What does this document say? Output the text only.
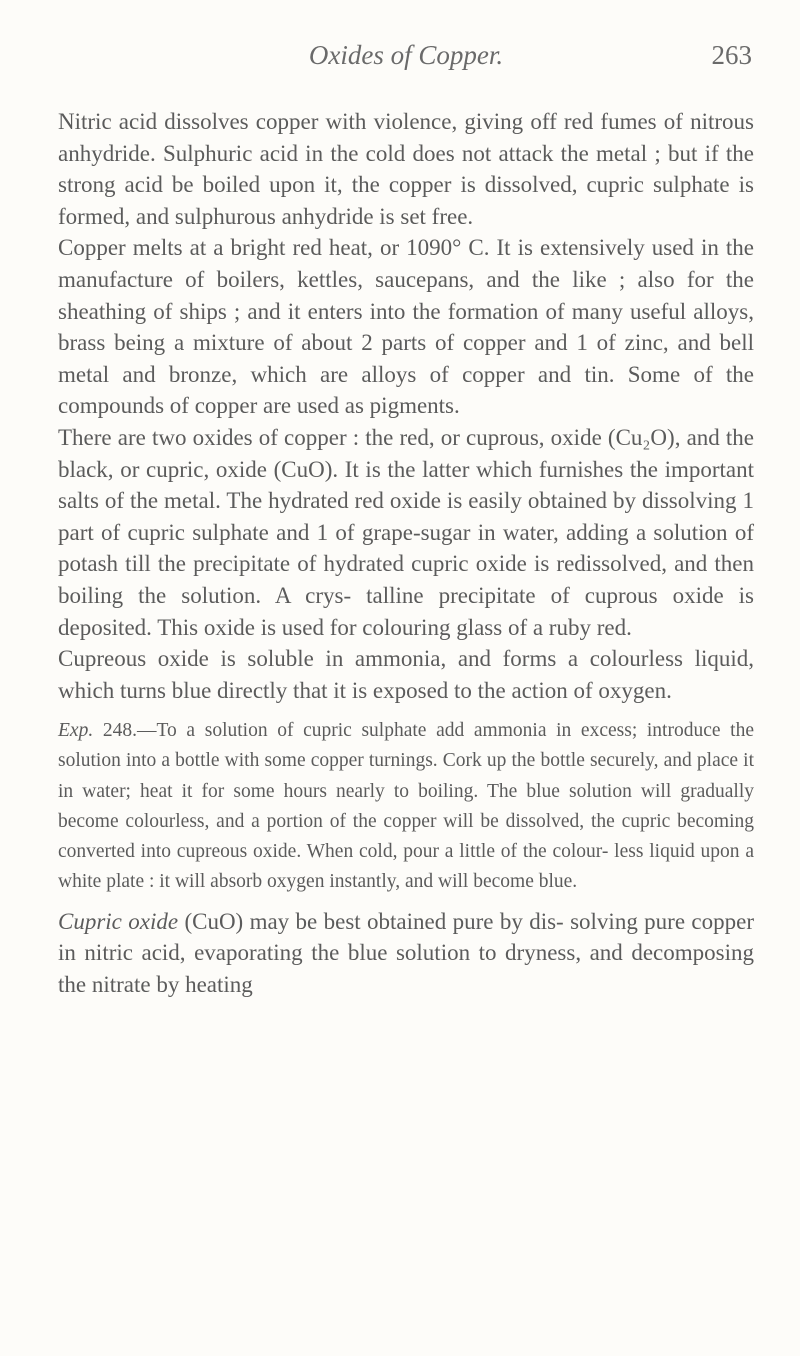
Oxides of Copper.	263

Nitric acid dissolves copper with violence, giving off red fumes of nitrous anhydride. Sulphuric acid in the cold does not attack the metal ; but if the strong acid be boiled upon it, the copper is dissolved, cupric sulphate is formed, and sulphurous anhydride is set free.

Copper melts at a bright red heat, or 1090° C. It is extensively used in the manufacture of boilers, kettles, saucepans, and the like ; also for the sheathing of ships ; and it enters into the formation of many useful alloys, brass being a mixture of about 2 parts of copper and 1 of zinc, and bell metal and bronze, which are alloys of copper and tin. Some of the compounds of copper are used as pigments.

There are two oxides of copper : the red, or cuprous, oxide (Cu₂O), and the black, or cupric, oxide (CuO). It is the latter which furnishes the important salts of the metal. The hydrated red oxide is easily obtained by dissolving 1 part of cupric sulphate and 1 of grape-sugar in water, adding a solution of potash till the precipitate of hydrated cupric oxide is redissolved, and then boiling the solution. A crys- talline precipitate of cuprous oxide is deposited. This oxide is used for colouring glass of a ruby red.

Cupreous oxide is soluble in ammonia, and forms a colourless liquid, which turns blue directly that it is exposed to the action of oxygen.

Exp. 248.—To a solution of cupric sulphate add ammonia in excess; introduce the solution into a bottle with some copper turnings. Cork up the bottle securely, and place it in water; heat it for some hours nearly to boiling. The blue solution will gradually become colourless, and a portion of the copper will be dissolved, the cupric becoming converted into cupreous oxide. When cold, pour a little of the colour- less liquid upon a white plate : it will absorb oxygen instantly, and will become blue.

Cupric oxide (CuO) may be best obtained pure by dis- solving pure copper in nitric acid, evaporating the blue solution to dryness, and decomposing the nitrate by heating
